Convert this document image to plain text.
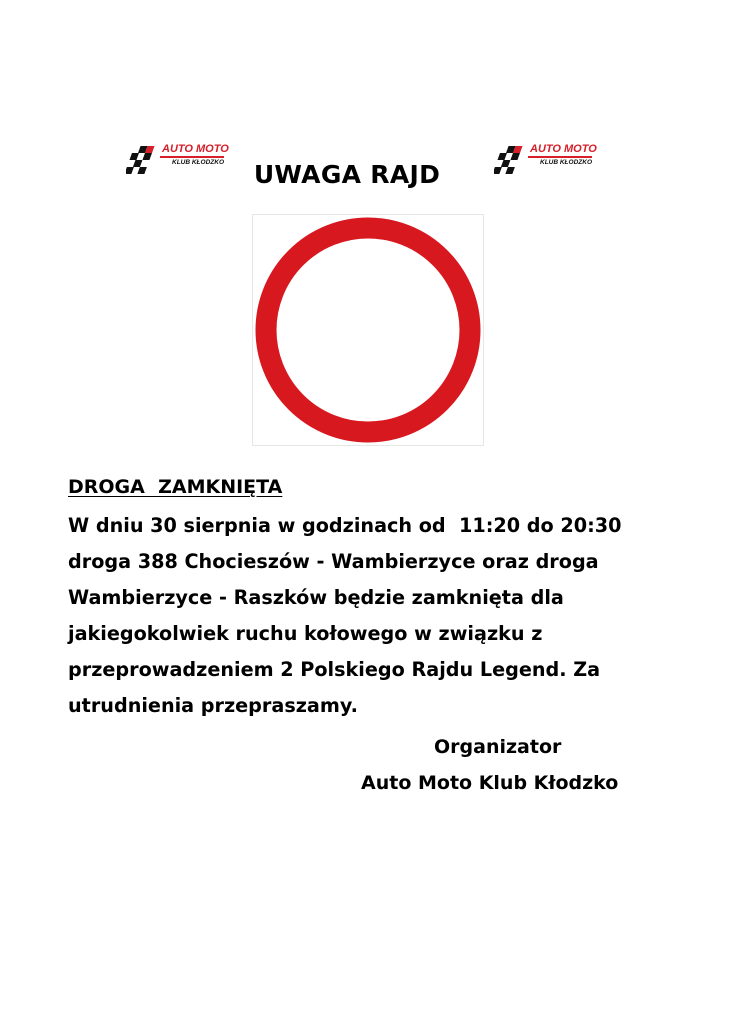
AUTO MOTO
KLUB KŁODZKO
AUTO MOTO
KLUB KŁODZKO
UWAGA RAJD
DROGA  ZAMKNIĘTA
W dniu 30 sierpnia w godzinach od  11:20 do 20:30
droga 388 Chocieszów - Wambierzyce oraz droga
Wambierzyce - Raszków będzie zamknięta dla
jakiegokolwiek ruchu kołowego w związku z
przeprowadzeniem 2 Polskiego Rajdu Legend. Za
utrudnienia przepraszamy.
Organizator
Auto Moto Klub Kłodzko
